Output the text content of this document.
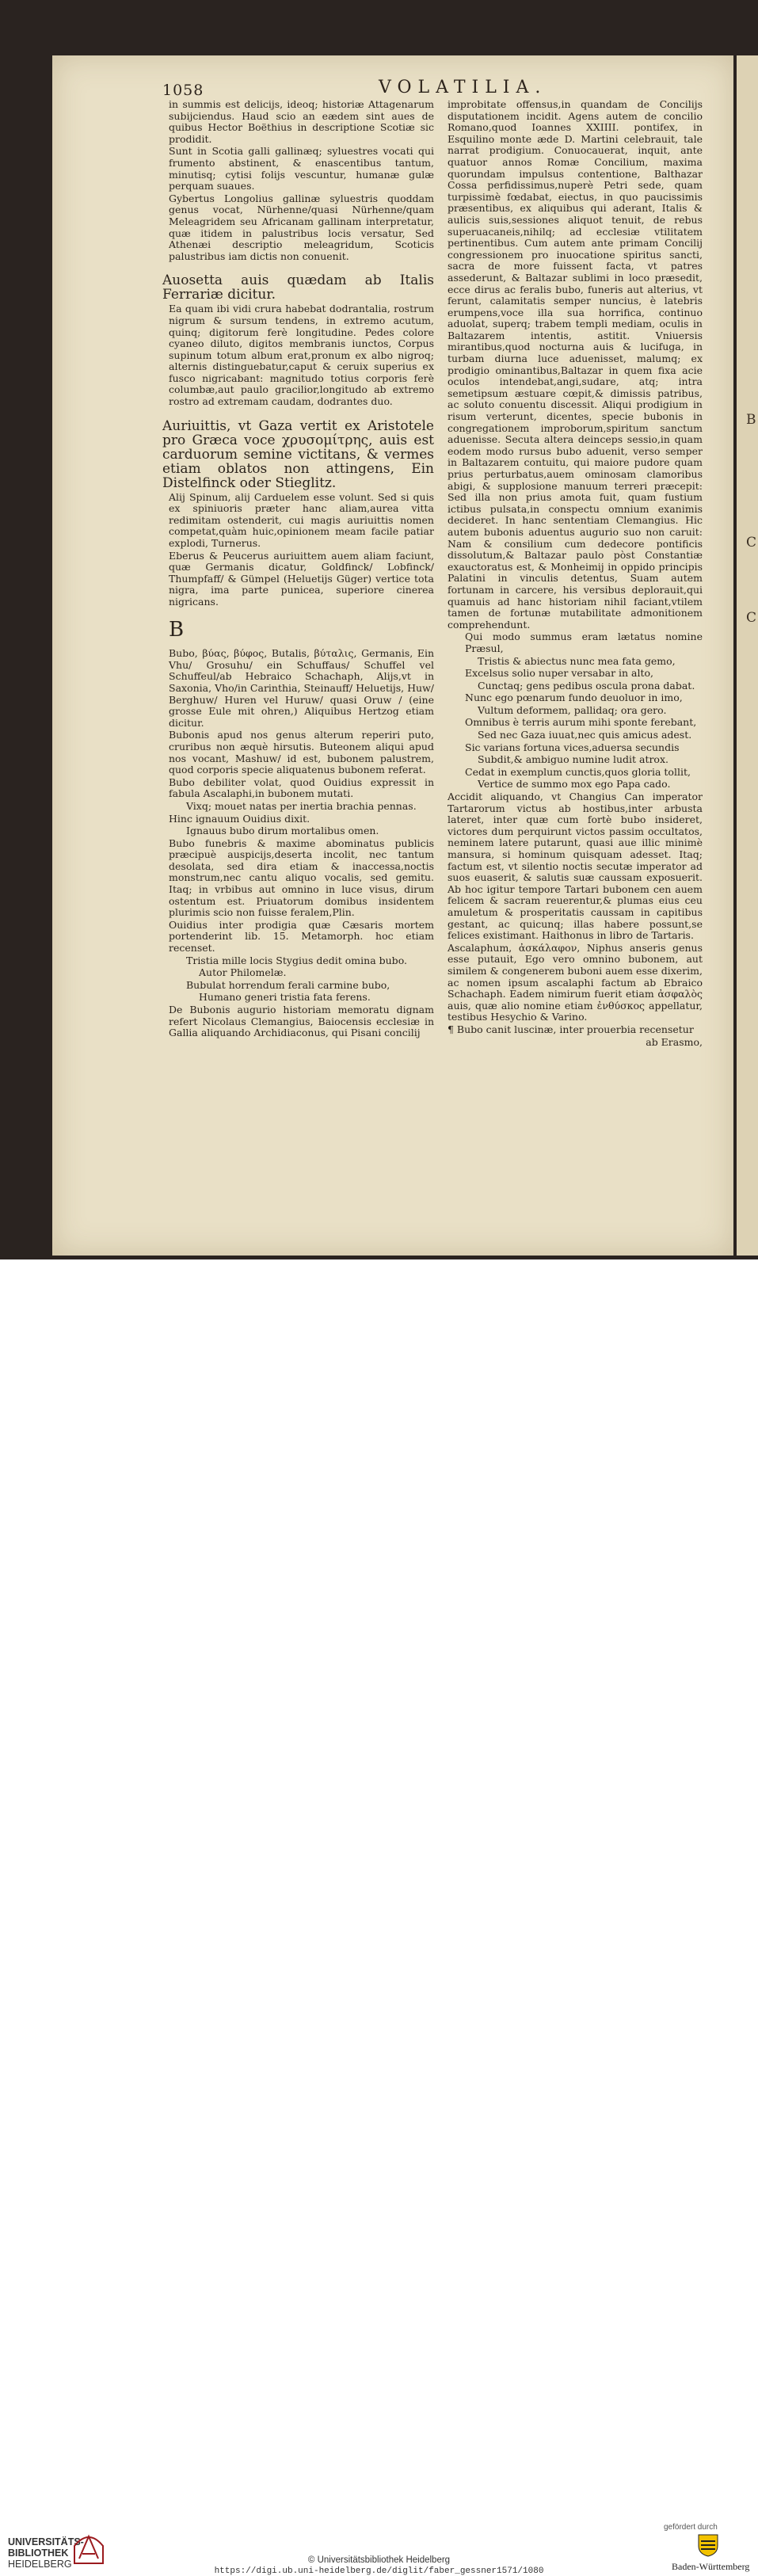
B
C
C
1058	VOLATILIA.

in summis est delicijs, ideoq; historiæ Attagenarum subijciendus. Haud scio an eædem sint aues de quibus Hector Boëthius in descriptione Scotiæ sic prodidit.

Sunt in Scotia galli gallinæq; syluestres vocati qui frumento abstinent, & enascentibus tantum, minutisq; cytisi folijs vescuntur, humanæ gulæ perquam suaues.

Gybertus Longolius gallinæ syluestris quoddam genus vocat, Nürhenne/quasi Nürhenne/quam Meleagridem seu Africanam gallinam interpretatur, quæ itidem in palustribus locis versatur, Sed Athenæi descriptio meleagridum, Scoticis palustribus iam dictis non conuenit.

Auosetta auis quædam ab Italis Ferrariæ dicitur.

Ea quam ibi vidi crura habebat dodrantalia, rostrum nigrum & sursum tendens, in extremo acutum, quinq; digitorum ferè longitudine. Pedes colore cyaneo diluto, digitos membranis iunctos, Corpus supinum totum album erat,pronum ex albo nigroq; alternis distinguebatur,caput & ceruix superius ex fusco nigricabant: magnitudo totius corporis ferè columbæ,aut paulo gracilior,longitudo ab extremo rostro ad extremam caudam, dodrantes duo.

Auriuittis, vt Gaza vertit ex Aristotele pro Græca voce χρυσομίτρης, auis est carduorum semine victitans, & vermes etiam oblatos non attingens, Ein Distelfinck oder Stieglitz.

Alij Spinum, alij Carduelem esse volunt. Sed si quis ex spiniuoris præter hanc aliam,aurea vitta redimitam ostenderit, cui magis auriuittis nomen competat,quàm huic,opinionem meam facile patiar explodi, Turnerus.

Eberus & Peucerus auriuittem auem aliam faciunt, quæ Germanis dicatur, Goldfinck/ Lobfinck/ Thumpfaff/ & Gümpel (Heluetijs Güger) vertice tota nigra, ima parte punicea, superiore cinerea nigricans.

B

Bubo, βύας, βύφος, Butalis, βύταλις, Germanis, Ein Vhu/ Grosuhu/ ein Schuffaus/ Schuffel vel Schuffeul/ab Hebraico Schachaph, Alijs,vt in Saxonia, Vho/in Carinthia, Steinauff/ Heluetijs, Huw/ Berghuw/ Huren vel Huruw/ quasi Oruw / (eine grosse Eule mit ohren,) Aliquibus Hertzog etiam dicitur.

Bubonis apud nos genus alterum reperiri puto, cruribus non æquè hirsutis. Buteonem aliqui apud nos vocant, Mashuw/ id est, bubonem palustrem, quod corporis specie aliquatenus bubonem referat.

Bubo debiliter volat, quod Ouidius expressit in fabula Ascalaphi,in bubonem mutati.

Vixq; mouet natas per inertia brachia pennas.

Hinc ignauum Ouidius dixit.

Ignauus bubo dirum mortalibus omen.

Bubo funebris & maxime abominatus publicis præcipuè auspicijs,deserta incolit, nec tantum desolata, sed dira etiam & inaccessa,noctis monstrum,nec cantu aliquo vocalis, sed gemitu. Itaq; in vrbibus aut omnino in luce visus, dirum ostentum est. Priuatorum domibus insidentem plurimis scio non fuisse feralem,Plin.

Ouidius inter prodigia quæ Cæsaris mortem portenderint lib. 15. Metamorph. hoc etiam recenset.

Tristia mille locis Stygius dedit omina bubo.

Autor Philomelæ.

Bubulat horrendum ferali carmine bubo,

Humano generi tristia fata ferens.

De Bubonis augurio historiam memoratu dignam refert Nicolaus Clemangius, Baiocensis ecclesiæ in Gallia aliquando Archidiaconus, qui Pisani concilij

improbitate offensus,in quandam de Concilijs disputationem incidit. Agens autem de concilio Romano,quod Ioannes XXIIII. pontifex, in Esquilino monte æde D. Martini celebrauit, tale narrat prodigium. Conuocauerat, inquit, ante quatuor annos Romæ Concilium, maxima quorundam impulsus contentione, Balthazar Cossa perfidissimus,nuperè Petri sede, quam turpissimè fœdabat, eiectus, in quo paucissimis præsentibus, ex aliquibus qui aderant, Italis & aulicis suis,sessiones aliquot tenuit, de rebus superuacaneis,nihilq; ad ecclesiæ vtilitatem pertinentibus. Cum autem ante primam Concilij congressionem pro inuocatione spiritus sancti, sacra de more fuissent facta, vt patres assederunt, & Baltazar sublimi in loco præsedit, ecce dirus ac feralis bubo, funeris aut alterius, vt ferunt, calamitatis semper nuncius, è latebris erumpens,voce illa sua horrifica, continuo aduolat, superq; trabem templi mediam, oculis in Baltazarem intentis, astitit. Vniuersis mirantibus,quod nocturna auis & lucifuga, in turbam diurna luce aduenisset, malumq; ex prodigio ominantibus,Baltazar in quem fixa acie oculos intendebat,angi,sudare, atq; intra semetipsum æstuare cœpit,& dimissis patribus, ac soluto conuentu discessit. Aliqui prodigium in risum verterunt, dicentes, specie bubonis in congregationem improborum,spiritum sanctum aduenisse. Secuta altera deinceps sessio,in quam eodem modo rursus bubo aduenit, verso semper in Baltazarem contuitu, qui maiore pudore quam prius perturbatus,auem ominosam clamoribus abigi, & supplosione manuum terreri præcepit: Sed illa non prius amota fuit, quam fustium ictibus pulsata,in conspectu omnium exanimis decideret. In hanc sententiam Clemangius. Hic autem bubonis aduentus augurio suo non caruit: Nam & consilium cum dedecore pontificis dissolutum,& Baltazar paulo pòst Constantiæ exauctoratus est, & Monheimij in oppido principis Palatini in vinculis detentus, Suam autem fortunam in carcere, his versibus deplorauit,qui quamuis ad hanc historiam nihil faciant,vtilem tamen de fortunæ mutabilitate admonitionem comprehendunt.

Qui modo summus eram lætatus nomine Præsul,

Tristis & abiectus nunc mea fata gemo,

Excelsus solio nuper versabar in alto,

Cunctaq; gens pedibus oscula prona dabat.

Nunc ego pœnarum fundo deuoluor in imo,

Vultum deformem, pallidaq; ora gero.

Omnibus è terris aurum mihi sponte ferebant,

Sed nec Gaza iuuat,nec quis amicus adest.

Sic varians fortuna vices,aduersa secundis

Subdit,& ambiguo numine ludit atrox.

Cedat in exemplum cunctis,quos gloria tollit,

Vertice de summo mox ego Papa cado.

Accidit aliquando, vt Changius Can imperator Tartarorum victus ab hostibus,inter arbusta lateret, inter quæ cum fortè bubo insideret, victores dum perquirunt victos passim occultatos, neminem latere putarunt, quasi aue illic minimè mansura, si hominum quisquam adesset. Itaq; factum est, vt silentio noctis secutæ imperator ad suos euaserit, & salutis suæ caussam exposuerit. Ab hoc igitur tempore Tartari bubonem cen auem felicem & sacram reuerentur,& plumas eius ceu amuletum & prosperitatis caussam in capitibus gestant, ac quicunq; illas habere possunt,se felices existimant. Haithonus in libro de Tartaris.

Ascalaphum, ἀσκάλαφον, Niphus anseris genus esse putauit, Ego vero omnino bubonem, aut similem & congenerem buboni auem esse dixerim, ac nomen ipsum ascalaphi factum ab Ebraico Schachaph. Eadem nimirum fuerit etiam ἀσφαλὸς auis, quæ alio nomine etiam ἐνθύσκος appellatur, testibus Hesychio & Varino.

¶ Bubo canit luscinæ, inter prouerbia recensetur

ab Erasmo,

UNIVERSITÄTS-
BIBLIOTHEK
HEIDELBERG	© Universitätsbibliothek Heidelberg
https://digi.ub.uni-heidelberg.de/diglit/faber_gessner1571/1080
gefördert durch
Baden-Württemberg
